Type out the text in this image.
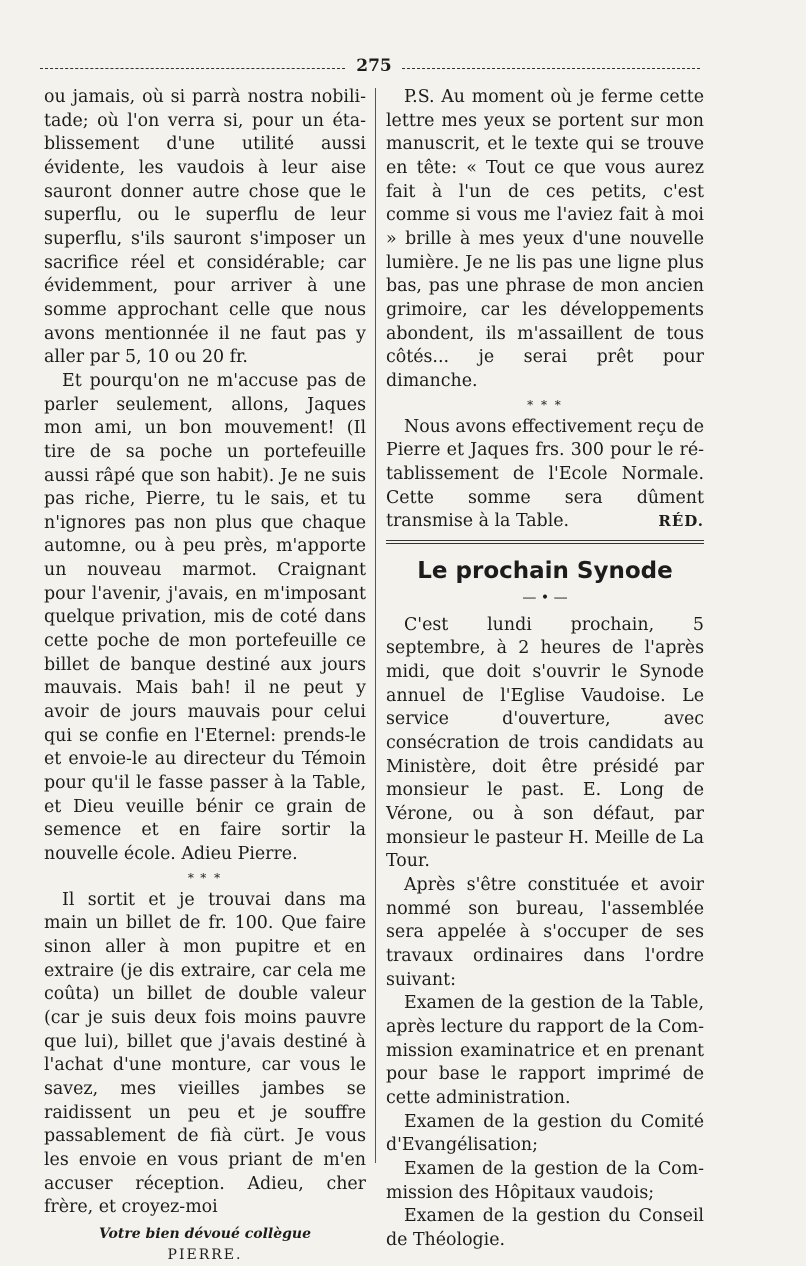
275

ou jamais, où si parrà nostra nobilitade; où l'on verra si, pour un établissement d'une utilité aussi évidente, les vaudois à leur aise sauront donner autre chose que le superflu, ou le superflu de leur superflu, s'ils sauront s'imposer un sacrifice réel et considérable; car évidemment, pour arriver à une somme approchant celle que nous avons mentionnée il ne faut pas y aller par 5, 10 ou 20 fr.

Et pourqu'on ne m'accuse pas de parler seulement, allons, Jaques mon ami, un bon mouvement! (Il tire de sa poche un portefeuille aussi râpé que son habit). Je ne suis pas riche, Pierre, tu le sais, et tu n'ignores pas non plus que chaque automne, ou à peu près, m'apporte un nouveau marmot. Craignant pour l'avenir, j'avais, en m'imposant quelque privation, mis de coté dans cette poche de mon portefeuille ce billet de banque destiné aux jours mauvais. Mais bah! il ne peut y avoir de jours mauvais pour celui qui se confie en l'Eternel: prends-le et envoie-le au directeur du Témoin pour qu'il le fasse passer à la Table, et Dieu veuille bénir ce grain de semence et en faire sortir la nouvelle école. Adieu Pierre.

* * *

Il sortit et je trouvai dans ma main un billet de fr. 100. Que faire sinon aller à mon pupitre et en extraire (je dis extraire, car cela me coûta) un billet de double valeur (car je suis deux fois moins pauvre que lui), billet que j'avais destiné à l'achat d'une monture, car vous le savez, mes vieilles jambes se raidissent un peu et je souffre passablement de fià cürt. Je vous les envoie en vous priant de m'en accuser réception. Adieu, cher frère, et croyez-moi

Votre bien dévoué collègue
PIERRE.

P.S. Au moment où je ferme cette lettre mes yeux se portent sur mon manuscrit, et le texte qui se trouve en tête: « Tout ce que vous aurez fait à l'un de ces petits, c'est comme si vous me l'aviez fait à moi » brille à mes yeux d'une nouvelle lumière. Je ne lis pas une ligne plus bas, pas une phrase de mon ancien grimoire, car les développements abondent, ils m'assaillent de tous côtés... je serai prêt pour dimanche.

* * *

Nous avons effectivement reçu de Pierre et Jaques frs. 300 pour le rétablissement de l'Ecole Normale. Cette somme sera dûment transmise à la Table.	RÉD.

Le prochain Synode
— • —

C'est lundi prochain, 5 septembre, à 2 heures de l'après midi, que doit s'ouvrir le Synode annuel de l'Eglise Vaudoise. Le service d'ouverture, avec consécration de trois candidats au Ministère, doit être présidé par monsieur le past. E. Long de Vérone, ou à son défaut, par monsieur le pasteur H. Meille de La Tour.

Après s'être constituée et avoir nommé son bureau, l'assemblée sera appelée à s'occuper de ses travaux ordinaires dans l'ordre suivant:

Examen de la gestion de la Table, après lecture du rapport de la Commission examinatrice et en prenant pour base le rapport imprimé de cette administration.

Examen de la gestion du Comité d'Evangélisation;

Examen de la gestion de la Commission des Hôpitaux vaudois;

Examen de la gestion du Conseil de Théologie.
